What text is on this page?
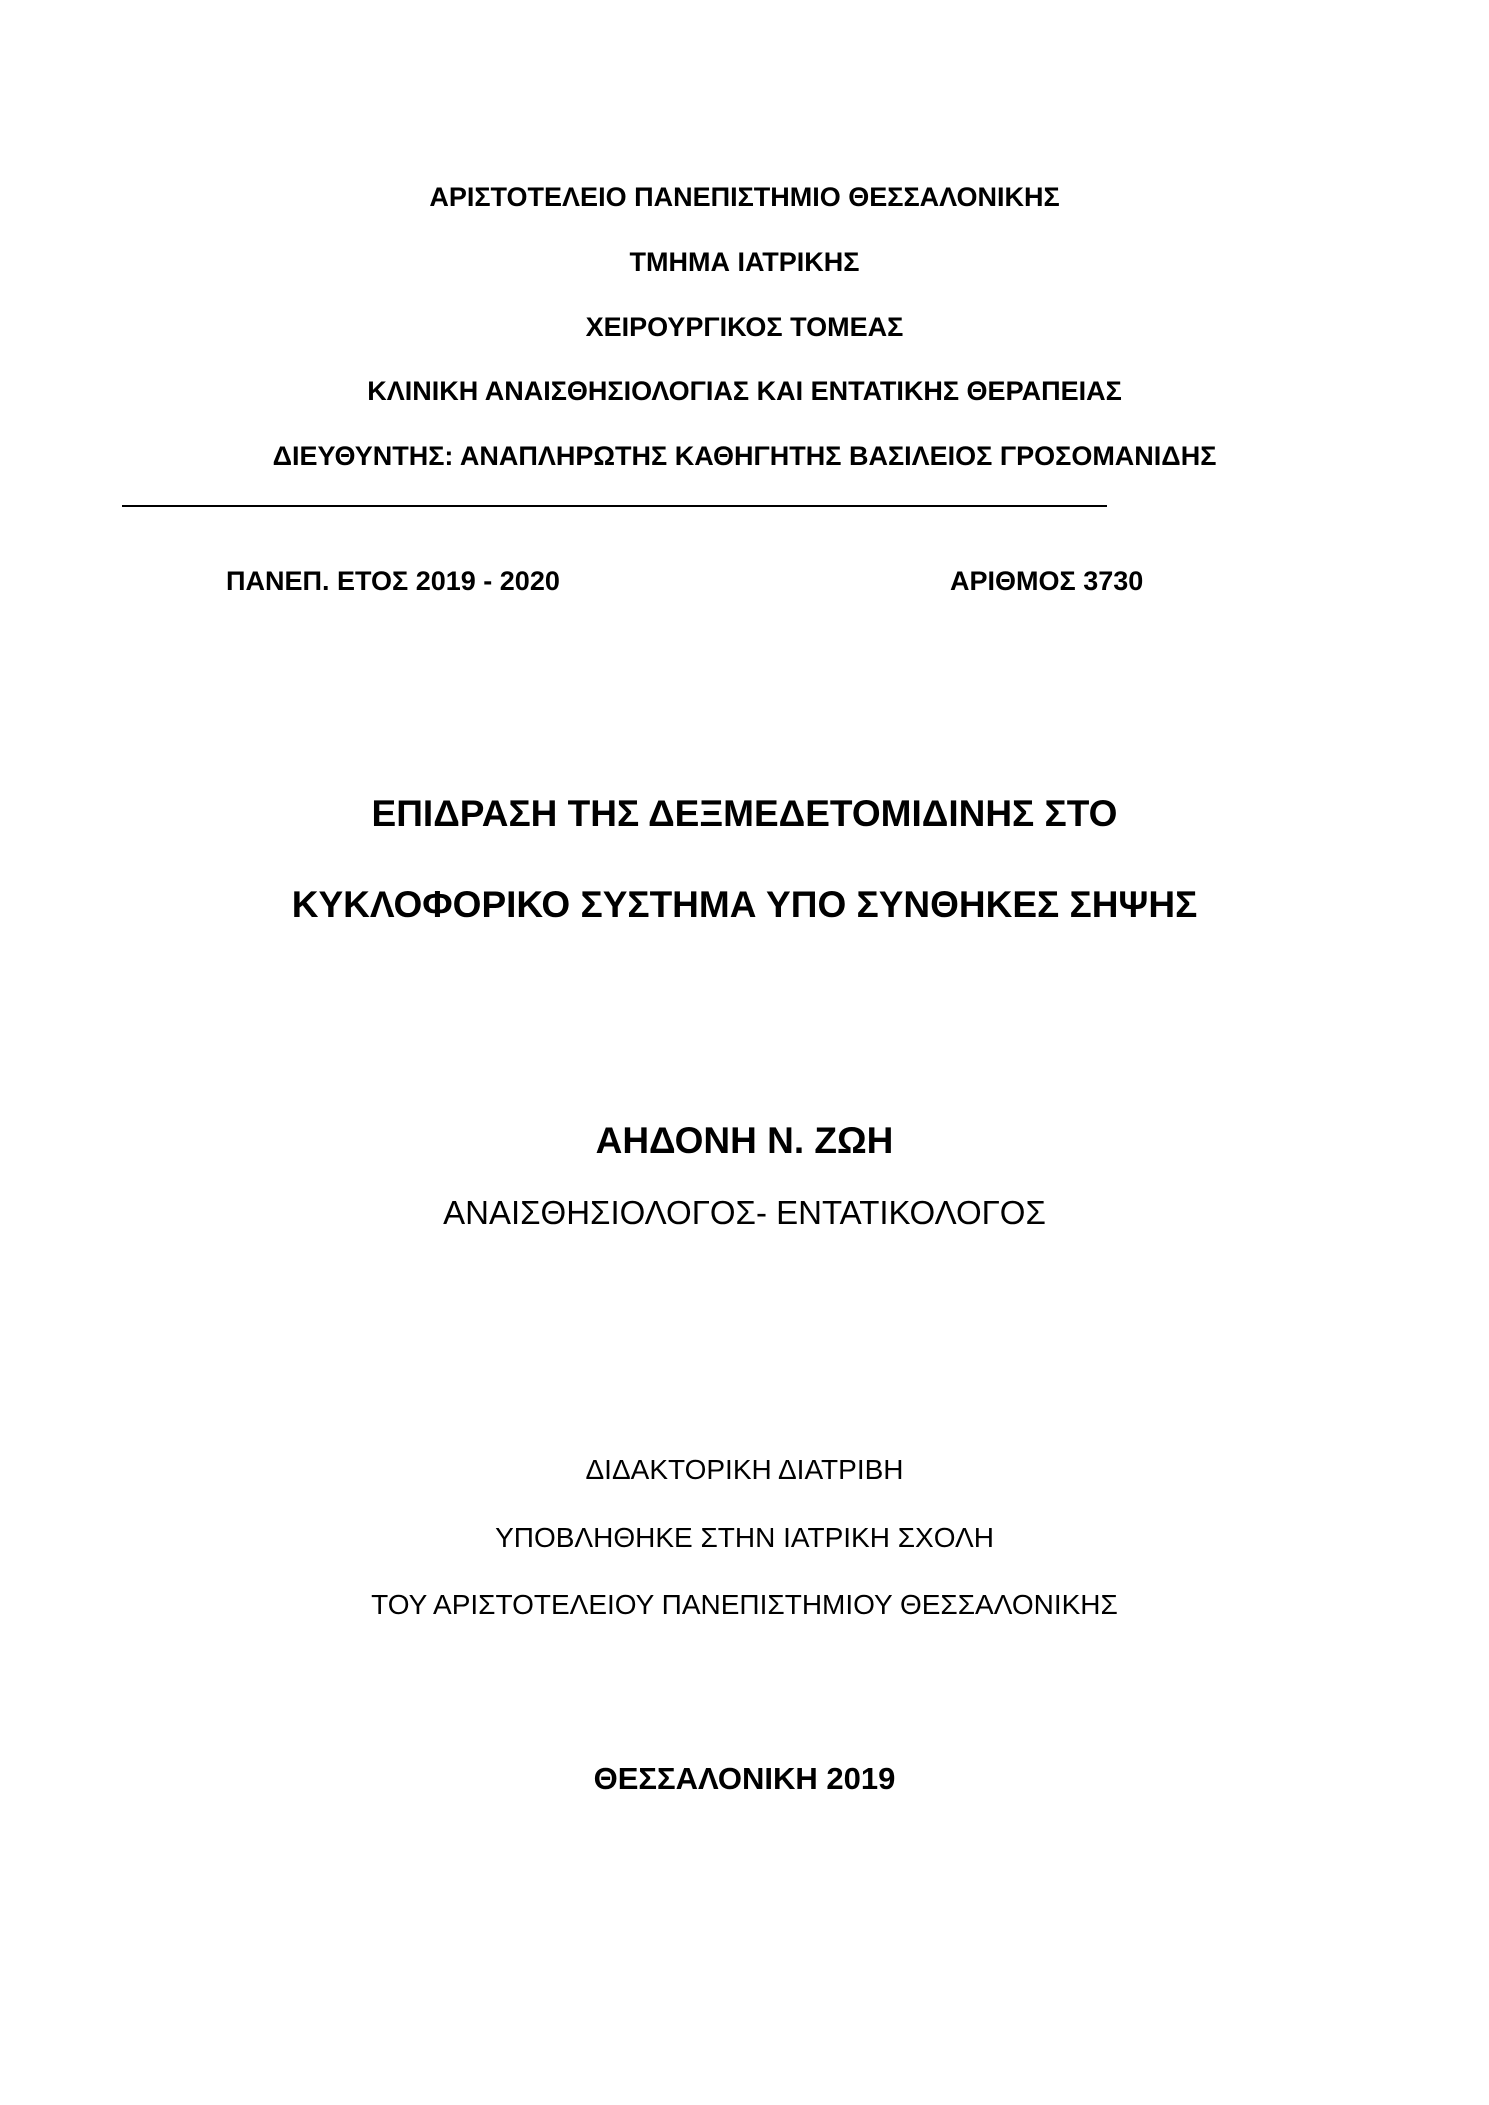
ΑΡΙΣΤΟΤΕΛΕΙΟ ΠΑΝΕΠΙΣΤΗΜΙΟ ΘΕΣΣΑΛΟΝΙΚΗΣ
ΤΜΗΜΑ ΙΑΤΡΙΚΗΣ
ΧΕΙΡΟΥΡΓΙΚΟΣ ΤΟΜΕΑΣ
ΚΛΙΝΙΚΗ ΑΝΑΙΣΘΗΣΙΟΛΟΓΙΑΣ ΚΑΙ ΕΝΤΑΤΙΚΗΣ ΘΕΡΑΠΕΙΑΣ
ΔΙΕΥΘΥΝΤΗΣ: ΑΝΑΠΛΗΡΩΤΗΣ ΚΑΘΗΓΗΤΗΣ ΒΑΣΙΛΕΙΟΣ ΓΡΟΣΟΜΑΝΙΔΗΣ
ΠΑΝΕΠ. ΕΤΟΣ 2019 - 2020	ΑΡΙΘΜΟΣ 3730
ΕΠΙΔΡΑΣΗ ΤΗΣ ΔΕΞΜΕΔΕΤΟΜΙΔΙΝΗΣ ΣΤΟ
ΚΥΚΛΟΦΟΡΙΚΟ ΣΥΣΤΗΜΑ ΥΠΟ ΣΥΝΘΗΚΕΣ ΣΗΨΗΣ
ΑΗΔΟΝΗ Ν. ΖΩΗ
ΑΝΑΙΣΘΗΣΙΟΛΟΓΟΣ- ΕΝΤΑΤΙΚΟΛΟΓΟΣ
ΔΙΔΑΚΤΟΡΙΚΗ ΔΙΑΤΡΙΒΗ
ΥΠΟΒΛΗΘΗΚΕ ΣΤΗΝ ΙΑΤΡΙΚΗ ΣΧΟΛΗ
ΤΟΥ ΑΡΙΣΤΟΤΕΛΕΙΟΥ ΠΑΝΕΠΙΣΤΗΜΙΟΥ ΘΕΣΣΑΛΟΝΙΚΗΣ
ΘΕΣΣΑΛΟΝΙΚΗ 2019
